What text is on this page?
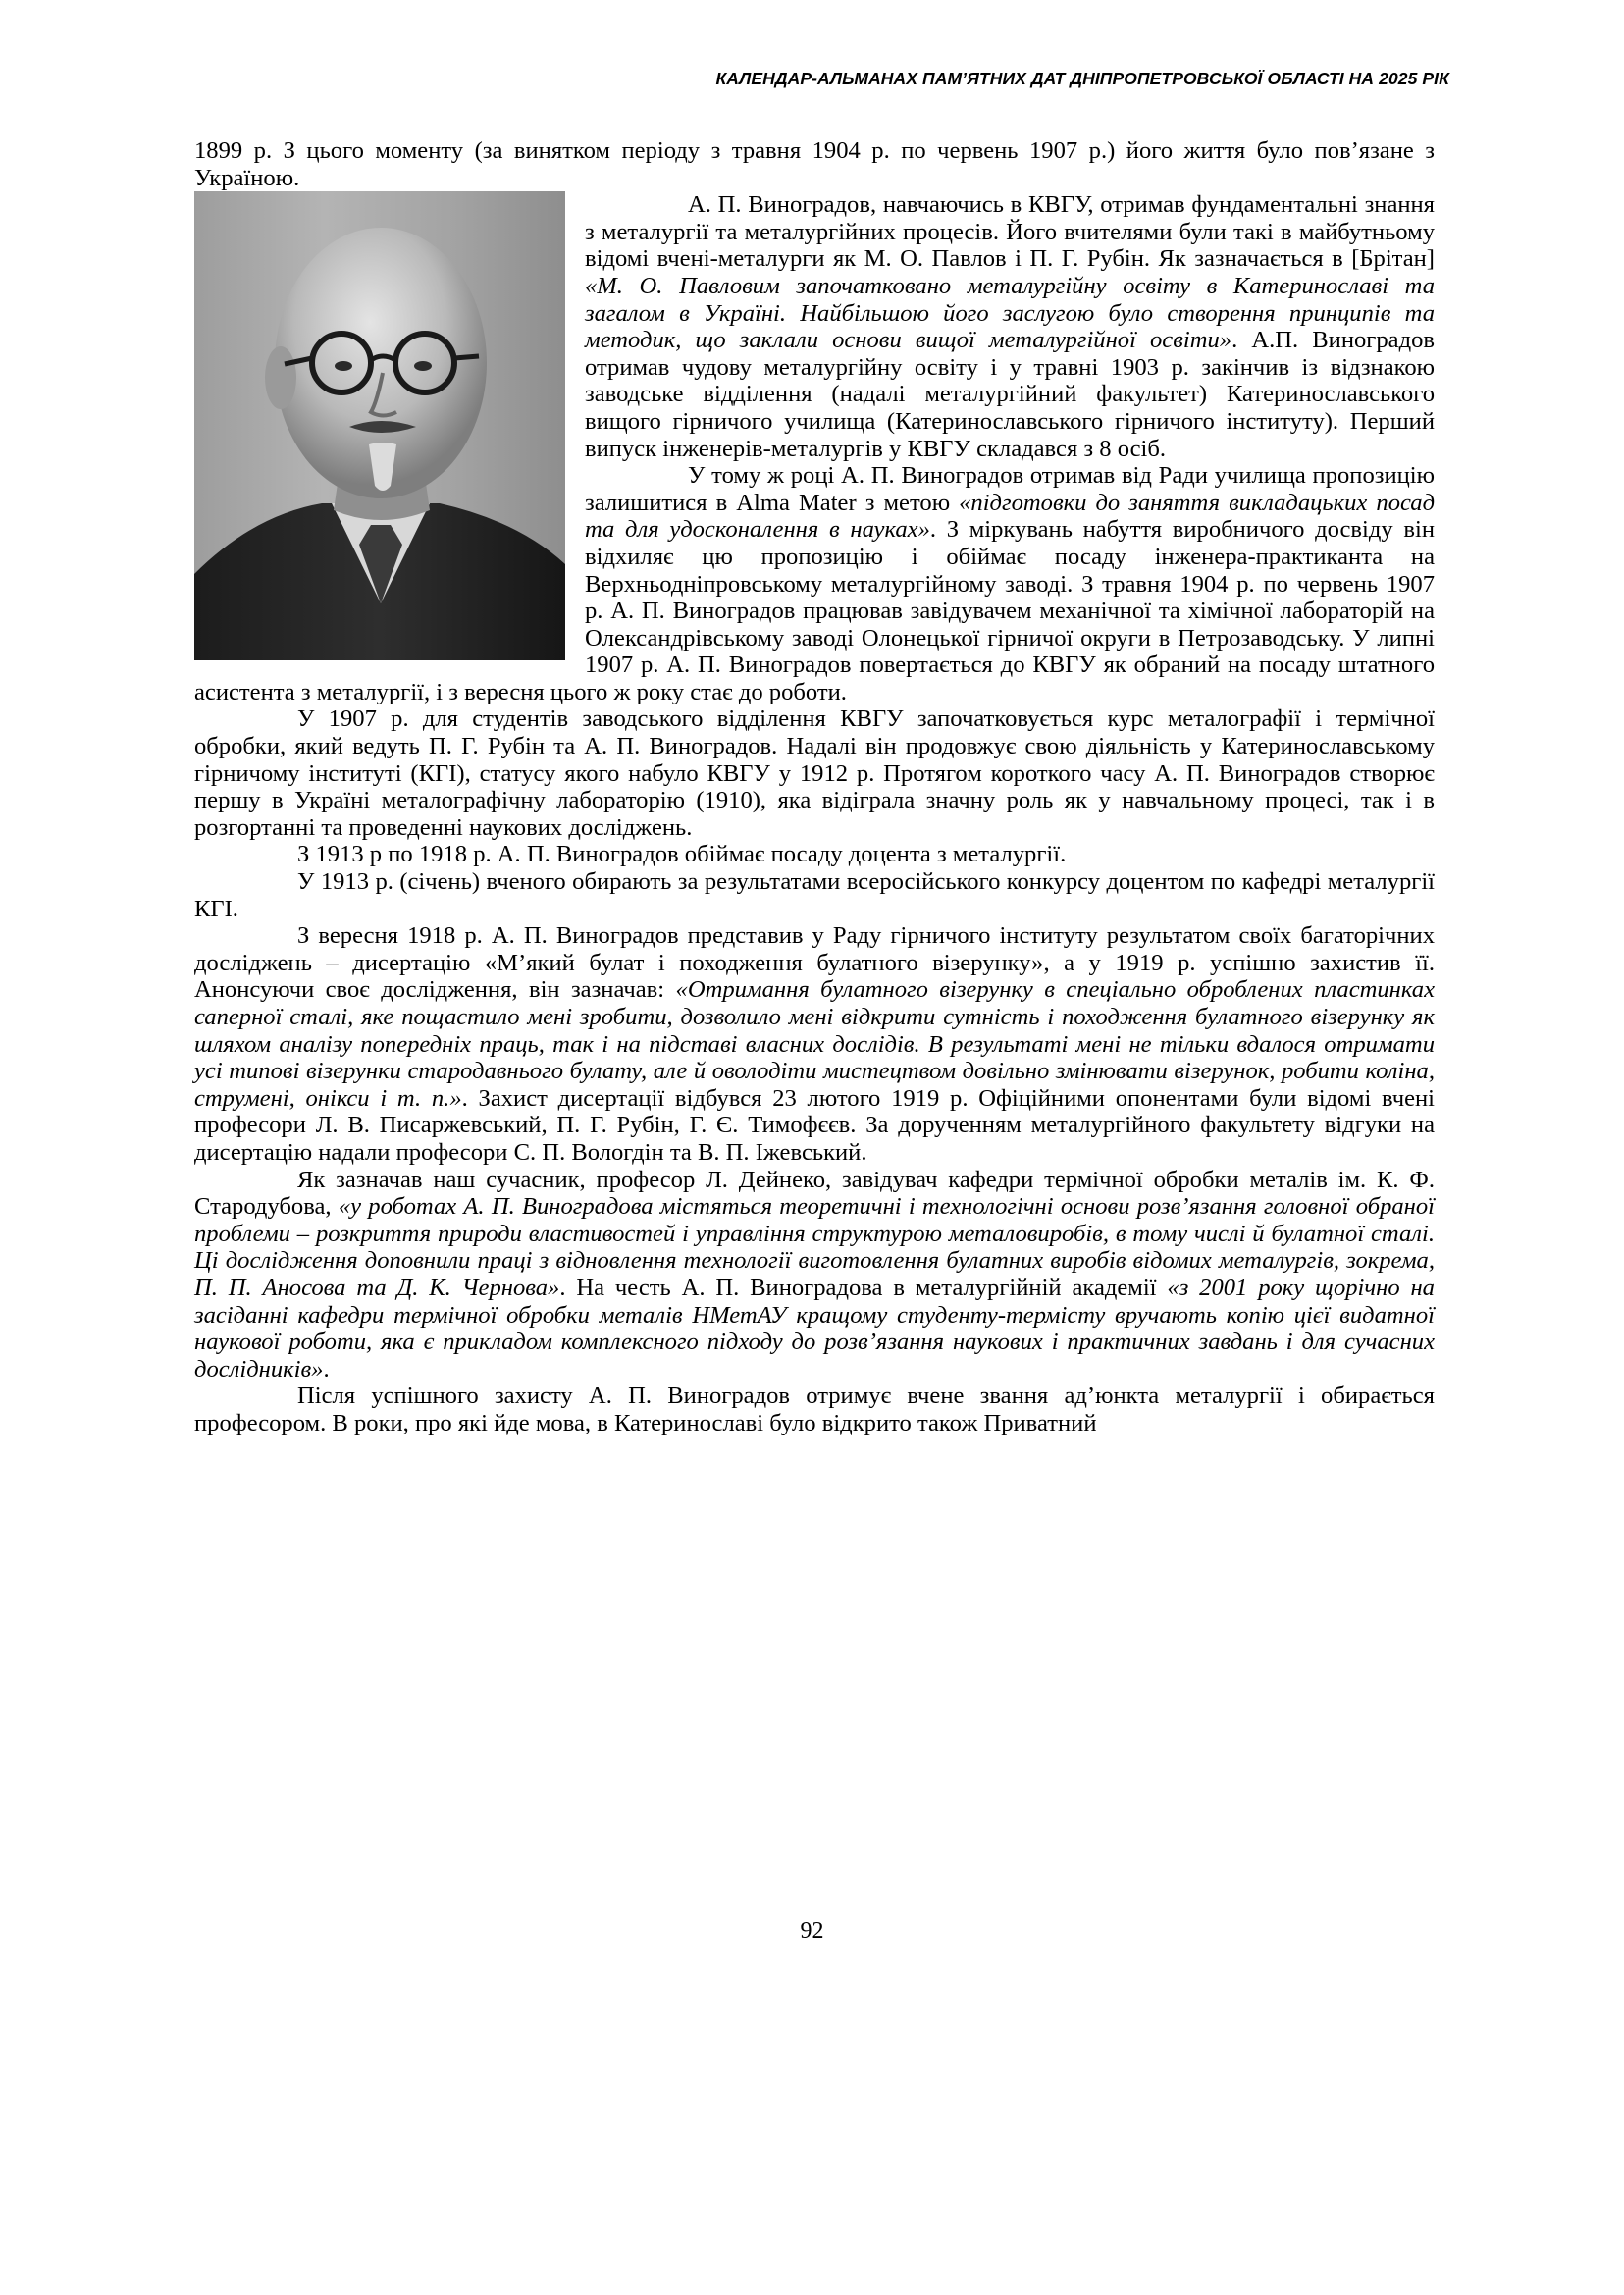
КАЛЕНДАР-АЛЬМАНАХ ПАМ’ЯТНИХ ДАТ ДНІПРОПЕТРОВСЬКОЇ ОБЛАСТІ НА 2025 РІК

1899 р. З цього моменту (за винятком періоду з травня 1904 р. по червень 1907 р.) його життя було пов’язане з Україною.

А. П. Виноградов, навчаючись в КВГУ, отримав фундаментальні знання з металургії та металургійних процесів. Його вчителями були такі в майбутньому відомі вчені-металурги як М. О. Павлов і П. Г. Рубін. Як зазначається в [Брітан] «М. О. Павловим започатковано металургійну освіту в Катеринославі та загалом в Україні. Найбільшою його заслугою було створення принципів та методик, що заклали основи вищої металургійної освіти». А.П. Виноградов отримав чудову металургійну освіту і у травні 1903 р. закінчив із відзнакою заводське відділення (надалі металургійний факультет) Катеринославського вищого гірничого училища (Катеринославського гірничого інституту). Перший випуск інженерів-металургів у КВГУ складався з 8 осіб.

У тому ж році А. П. Виноградов отримав від Ради училища пропозицію залишитися в Alma Mater з метою «підготовки до заняття викладацьких посад та для удосконалення в науках». З міркувань набуття виробничого досвіду він відхиляє цю пропозицію і обіймає посаду інженера-практиканта на Верхньодніпровському металургійному заводі. З травня 1904 р. по червень 1907 р. А. П. Виноградов працював завідувачем механічної та хімічної лабораторій на Олександрівському заводі Олонецької гірничої округи в Петрозаводську. У липні 1907 р. А. П. Виноградов повертається до КВГУ як обраний на посаду штатного асистента з металургії, і з вересня цього ж року стає до роботи.

У 1907 р. для студентів заводського відділення КВГУ започатковується курс металографії і термічної обробки, який ведуть П. Г. Рубін та А. П. Виноградов. Надалі він продовжує свою діяльність у Катеринославському гірничому інституті (КГІ), статусу якого набуло КВГУ у 1912 р. Протягом короткого часу А. П. Виноградов створює першу в Україні металографічну лабораторію (1910), яка відіграла значну роль як у навчальному процесі, так і в розгортанні та проведенні наукових досліджень.

З 1913 р по 1918 р. А. П. Виноградов обіймає посаду доцента з металургії.

У 1913 р. (січень) вченого обирають за результатами всеросійського конкурсу доцентом по кафедрі металургії КГІ.

З вересня 1918 р. А. П. Виноградов представив у Раду гірничого інституту результатом своїх багаторічних досліджень – дисертацію «М’який булат і походження булатного візерунку», а у 1919 р. успішно захистив її. Анонсуючи своє дослідження, він зазначав: «Отримання булатного візерунку в спеціально оброблених пластинках саперної сталі, яке пощастило мені зробити, дозволило мені відкрити сутність і походження булатного візерунку як шляхом аналізу попередніх праць, так і на підставі власних дослідів. В результаті мені не тільки вдалося отримати усі типові візерунки стародавнього булату, але й оволодіти мистецтвом довільно змінювати візерунок, робити коліна, струмені, онікси і т. п.». Захист дисертації відбувся 23 лютого 1919 р. Офіційними опонентами були відомі вчені професори Л. В. Писаржевський, П. Г. Рубін, Г. Є. Тимофєєв. За дорученням металургійного факультету відгуки на дисертацію надали професори С. П. Вологдін та В. П. Іжевський.

Як зазначав наш сучасник, професор Л. Дейнеко, завідувач кафедри термічної обробки металів ім. К. Ф. Стародубова, «у роботах А. П. Виноградова містяться теоретичні і технологічні основи розв’язання головної обраної проблеми – розкриття природи властивостей і управління структурою металовиробів, в тому числі й булатної сталі. Ці дослідження доповнили праці з відновлення технології виготовлення булатних виробів відомих металургів, зокрема, П. П. Аносова та Д. К. Чернова». На честь А. П. Виноградова в металургійній академії «з 2001 року щорічно на засіданні кафедри термічної обробки металів НМетАУ кращому студенту-термісту вручають копію цієї видатної наукової роботи, яка є прикладом комплексного підходу до розв’язання наукових і практичних завдань і для сучасних дослідників».

Після успішного захисту А. П. Виноградов отримує вчене звання ад’юнкта металургії і обирається професором. В роки, про які йде мова, в Катеринославі було відкрито також Приватний

92
